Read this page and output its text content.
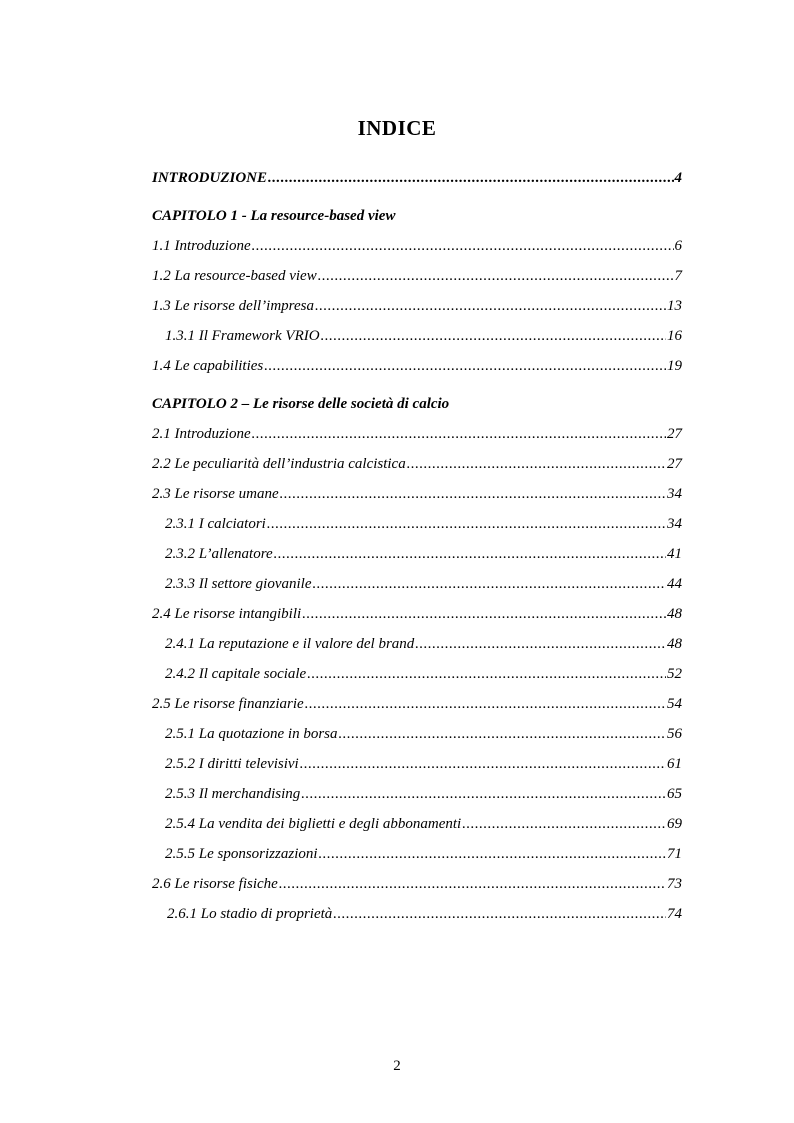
INDICE
INTRODUZIONE .....	4
CAPITOLO 1 - La resource-based view
1.1 Introduzione .....	6
1.2 La resource-based view .....	7
1.3 Le risorse dell’impresa .....	13
1.3.1 Il Framework VRIO .....	16
1.4 Le capabilities .....	19
CAPITOLO 2 – Le risorse delle società di calcio
2.1 Introduzione .....	27
2.2 Le peculiarità dell’industria calcistica .....	27
2.3 Le risorse umane .....	34
2.3.1 I calciatori .....	34
2.3.2 L’allenatore .....	41
2.3.3 Il settore giovanile .....	44
2.4 Le risorse intangibili .....	48
2.4.1 La reputazione e il valore del brand .....	48
2.4.2 Il capitale sociale .....	52
2.5 Le risorse finanziarie .....	54
2.5.1 La quotazione in borsa .....	56
2.5.2 I diritti televisivi .....	61
2.5.3 Il merchandising .....	65
2.5.4 La vendita dei biglietti e degli abbonamenti .....	69
2.5.5 Le sponsorizzazioni .....	71
2.6 Le risorse fisiche .....	73
2.6.1 Lo stadio di proprietà .....	74
2
